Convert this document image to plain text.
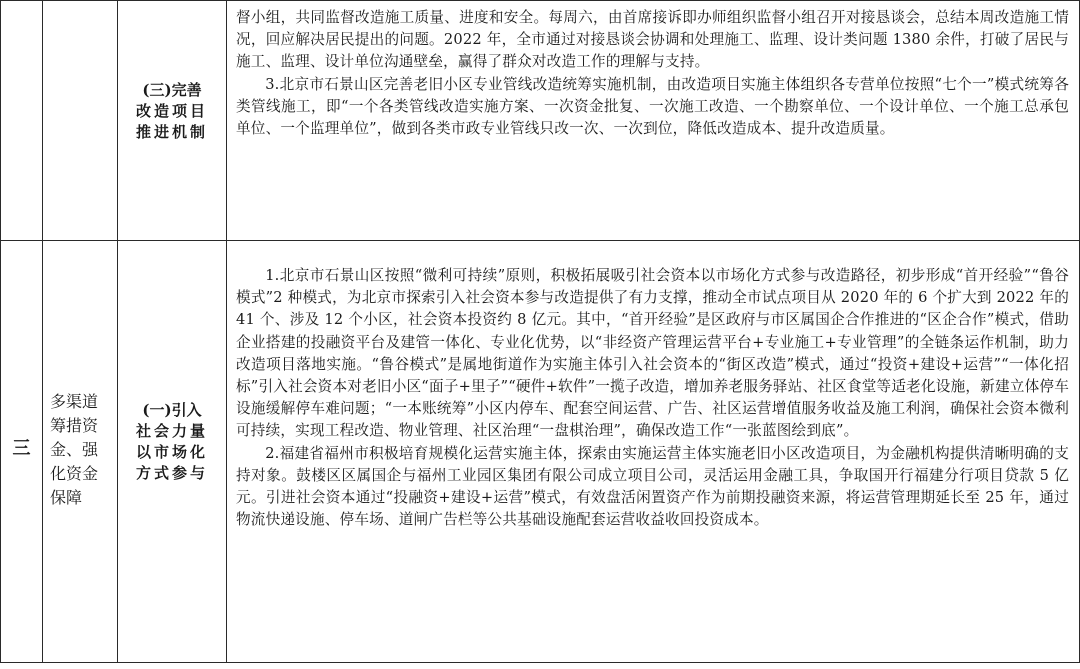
(三)完善
改造项目
推进机制

督小组，共同监督改造施工质量、进度和安全。每周六，由首席接诉即办师组织监督小组召开对接恳谈会，总结本周改造施工情况，回应解决居民提出的问题。2022 年，全市通过对接恳谈会协调和处理施工、监理、设计类问题 1380 余件，打破了居民与施工、监理、设计单位沟通壁垒，赢得了群众对改造工作的理解与支持。

3.北京市石景山区完善老旧小区专业管线改造统筹实施机制，由改造项目实施主体组织各专营单位按照“七个一”模式统筹各类管线施工，即“一个各类管线改造实施方案、一次资金批复、一次施工改造、一个勘察单位、一个设计单位、一个施工总承包单位、一个监理单位”，做到各类市政专业管线只改一次、一次到位，降低改造成本、提升改造质量。

三
多渠道
筹措资
金、强
化资金
保障
(一)引入
社会力量
以市场化
方式参与

1.北京市石景山区按照“微利可持续”原则，积极拓展吸引社会资本以市场化方式参与改造路径，初步形成“首开经验”“鲁谷模式”2 种模式，为北京市探索引入社会资本参与改造提供了有力支撑，推动全市试点项目从 2020 年的 6 个扩大到 2022 年的 41 个、涉及 12 个小区，社会资本投资约 8 亿元。其中，“首开经验”是区政府与市区属国企合作推进的“区企合作”模式，借助企业搭建的投融资平台及建管一体化、专业化优势，以“非经资产管理运营平台+专业施工+专业管理”的全链条运作机制，助力改造项目落地实施。“鲁谷模式”是属地街道作为实施主体引入社会资本的“街区改造”模式，通过“投资+建设+运营”“一体化招标”引入社会资本对老旧小区“面子+里子”“硬件+软件”一揽子改造，增加养老服务驿站、社区食堂等适老化设施，新建立体停车设施缓解停车难问题；“一本账统筹”小区内停车、配套空间运营、广告、社区运营增值服务收益及施工利润，确保社会资本微利可持续，实现工程改造、物业管理、社区治理“一盘棋治理”，确保改造工作“一张蓝图绘到底”。

2.福建省福州市积极培育规模化运营实施主体，探索由实施运营主体实施老旧小区改造项目，为金融机构提供清晰明确的支持对象。鼓楼区区属国企与福州工业园区集团有限公司成立项目公司，灵活运用金融工具，争取国开行福建分行项目贷款 5 亿元。引进社会资本通过“投融资+建设+运营”模式，有效盘活闲置资产作为前期投融资来源，将运营管理期延长至 25 年，通过物流快递设施、停车场、道闸广告栏等公共基础设施配套运营收益收回投资成本。
